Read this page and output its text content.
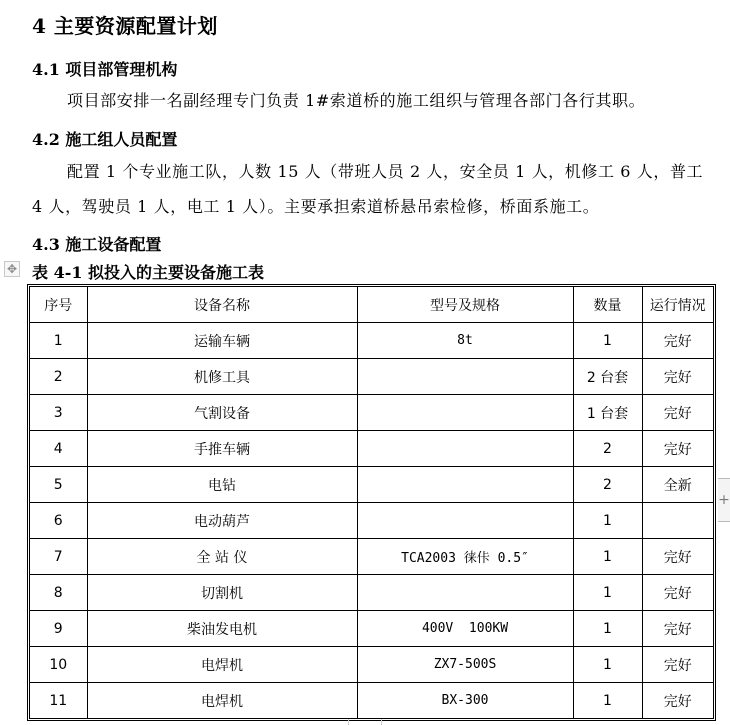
4 主要资源配置计划
4.1 项目部管理机构
项目部安排一名副经理专门负责 1#索道桥的施工组织与管理各部门各行其职。
4.2 施工组人员配置
配置 1 个专业施工队，人数 15 人（带班人员 2 人，安全员 1 人，机修工 6 人，普工 4 人，驾驶员 1 人，电工 1 人）。主要承担索道桥悬吊索检修，桥面系施工。
4.3 施工设备配置
✥ 表 4-1 拟投入的主要设备施工表
序号	设备名称	型号及规格	数量	运行情况
1	运输车辆	8t	1	完好
2	机修工具		2 台套	完好
3	气割设备		1 台套	完好
4	手推车辆		2	完好
5	电钻		2	全新
6	电动葫芦		1	
7	全 站 仪	TCA2003 徕佧 0.5″	1	完好
8	切割机		1	完好
9	柴油发电机	400V  100KW	1	完好
10	电焊机	ZX7-500S	1	完好
11	电焊机	BX-300	1	完好
+
